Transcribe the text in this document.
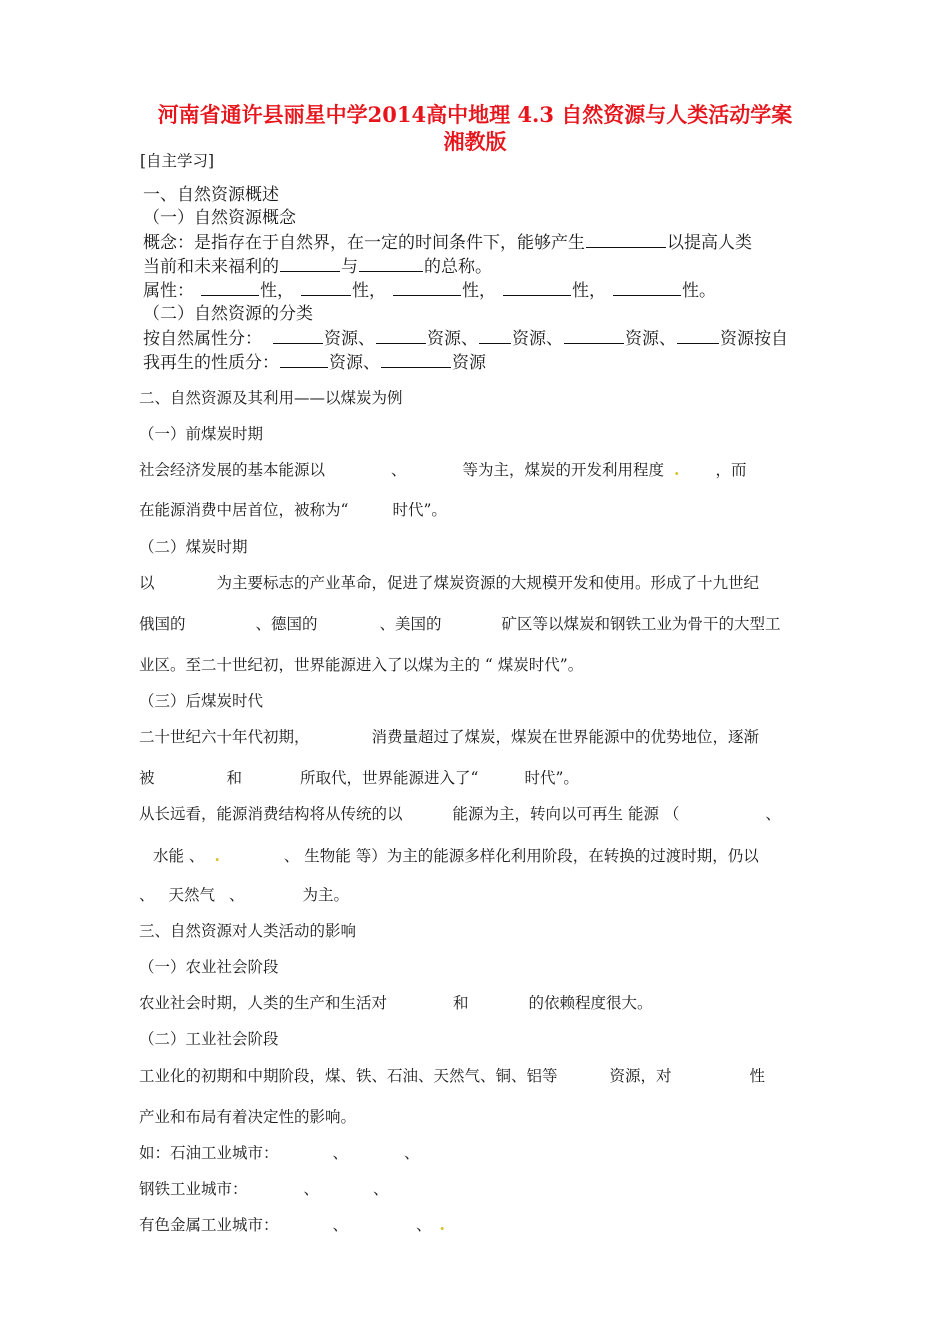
河南省通许县丽星中学2014高中地理 4.3 自然资源与人类活动学案
湘教版
[自主学习]
一、自然资源概述
（一）自然资源概念
概念：是指存在于自然界，在一定的时间条件下，能够产生	以提高人类
当前和未来福利的	与	的总称。
属性：	性，	性，	性，	性，	性。
（二）自然资源的分类
按自然属性分：	资源、	资源、 资源、	资源、	资源按自
我再生的性质分：	资源、	资源
二、自然资源及其利用——以煤炭为例
（一）前煤炭时期
社会经济发展的基本能源以	、	等为主，煤炭的开发利用程度 . ，而
在能源消费中居首位，被称为“	时代”。
（二）煤炭时期
以	为主要标志的产业革命，促进了煤炭资源的大规模开发和使用。形成了十九世纪
俄国的	、德国的	、美国的	矿区等以煤炭和钢铁工业为骨干的大型工
业区。至二十世纪初，世界能源进入了以煤为主的 “ 煤炭时代”。
（三）后煤炭时代
二十世纪六十年代初期，	消费量超过了煤炭，煤炭在世界能源中的优势地位，逐渐
被	和	所取代，世界能源进入了“	时代”。
从长远看，能源消费结构将从传统的以	能源为主，转向以可再生 能源 （	、
水能 、 .	、 生物能 等）为主的能源多样化利用阶段，在转换的过渡时期，仍以
、 天然气 、	为主。
三、自然资源对人类活动的影响
（一）农业社会阶段
农业社会时期，人类的生产和生活对	和	的依赖程度很大。
（二）工业社会阶段
工业化的初期和中期阶段，煤、铁、石油、天然气、铜、铝等	资源，对	性
产业和布局有着决定性的影响。
如：石油工业城市：	、	、
钢铁工业城市：	、	、
有色金属工业城市：	、	、 .
